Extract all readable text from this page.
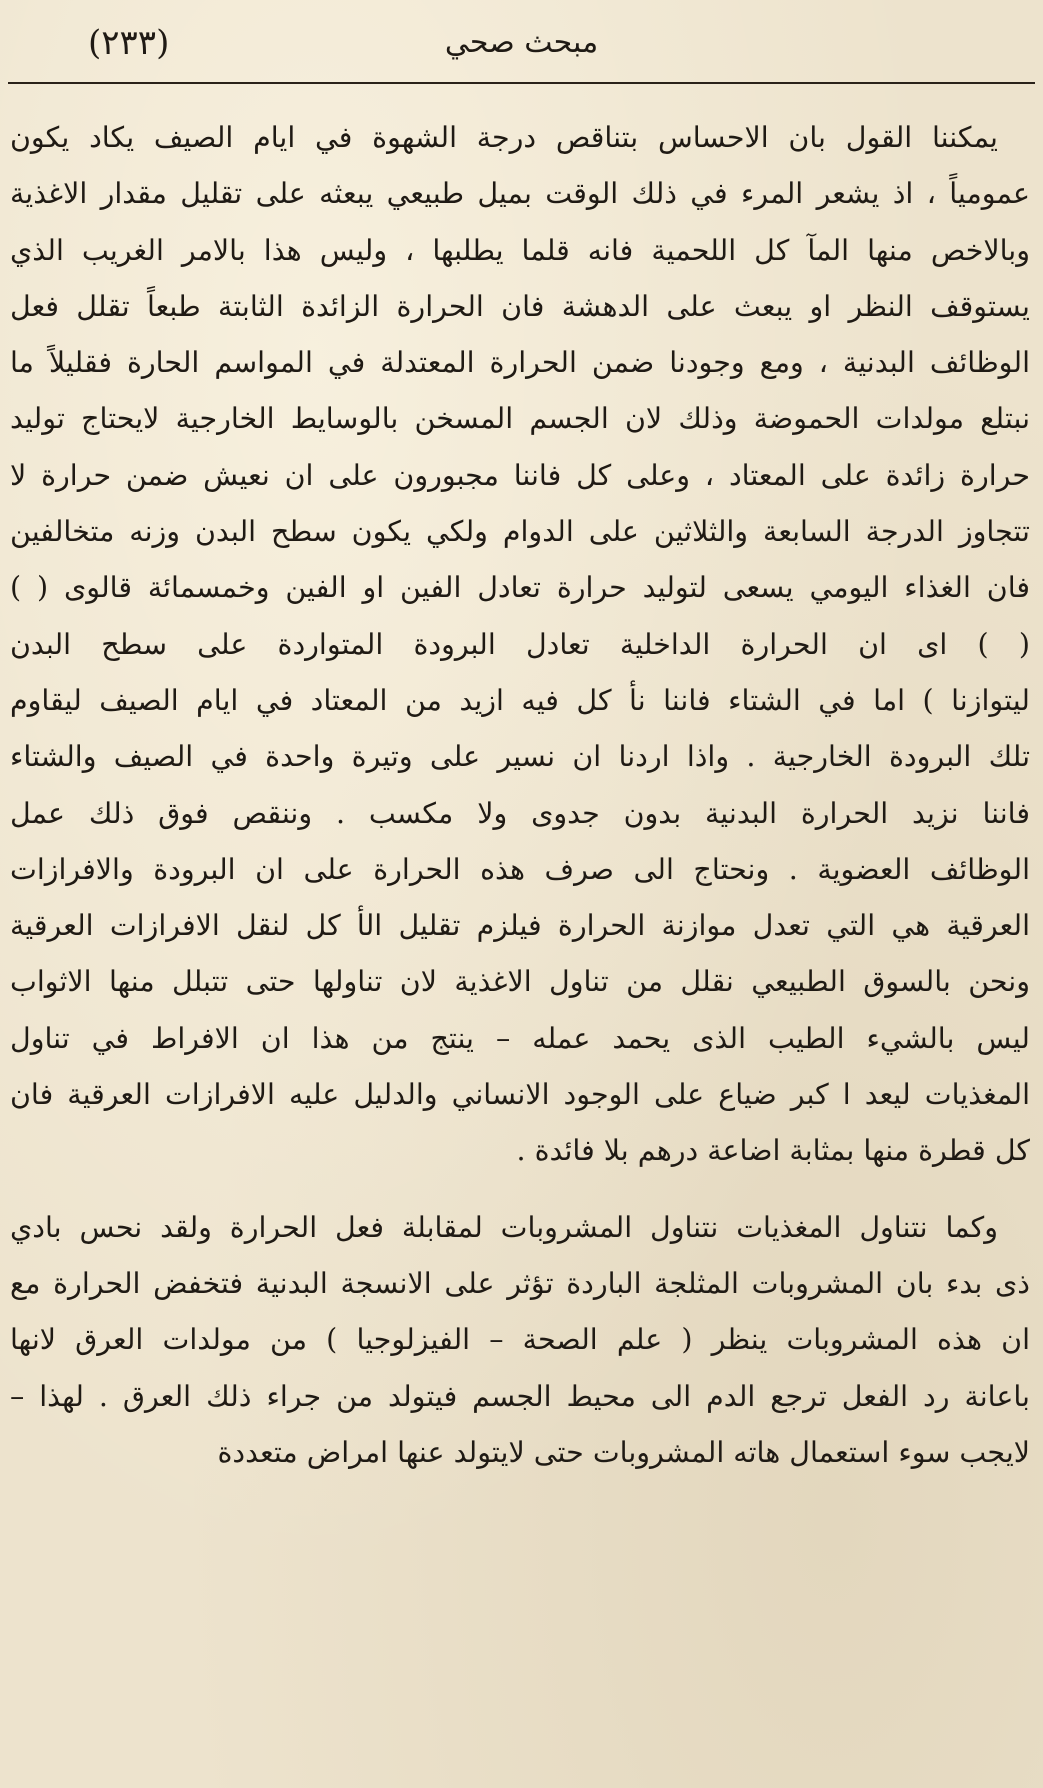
(٢٣٣)	مبحث صحي
يمكننا القول بان الاحساس بتناقص درجة الشهوة في ايام الصيف يكاد يكون
عمومياً ، اذ يشعر المرء في ذلك الوقت بميل طبيعي يبعثه على تقليل مقدار الاغذية
وبالاخص منها المآ كل اللحمية فانه قلما يطلبها ، وليس هذا بالامر الغريب الذي
يستوقف النظر او يبعث على الدهشة فان الحرارة الزائدة الثابتة طبعاً تقلل فعل
الوظائف البدنية ، ومع وجودنا ضمن الحرارة المعتدلة في المواسم الحارة فقليلاً ما
نبتلع مولدات الحموضة وذلك لان الجسم المسخن بالوسايط الخارجية لايحتاج توليد
حرارة زائدة على المعتاد ، وعلى كل فاننا مجبورون على ان نعيش ضمن حرارة لا
تتجاوز الدرجة السابعة والثلاثين على الدوام ولكي يكون سطح البدن وزنه متخالفين
فان الغذاء اليومي يسعى لتوليد حرارة تعادل الفين او الفين وخمسمائة قالوى ( )
( ) اى ان الحرارة الداخلية تعادل البرودة المتواردة على سطح البدن
ليتوازنا ) اما في الشتاء فاننا نأ كل فيه ازيد من المعتاد في ايام الصيف ليقاوم
تلك البرودة الخارجية . واذا اردنا ان نسير على وتيرة واحدة في الصيف والشتاء
فاننا نزيد الحرارة البدنية بدون جدوى ولا مكسب . وننقص فوق ذلك عمل
الوظائف العضوية . ونحتاج الى صرف هذه الحرارة على ان البرودة والافرازات
العرقية هي التي تعدل موازنة الحرارة فيلزم تقليل الأ كل لنقل الافرازات العرقية
ونحن بالسوق الطبيعي نقلل من تناول الاغذية لان تناولها حتى تتبلل منها الاثواب
ليس بالشيء الطيب الذى يحمد عمله – ينتج من هذا ان الافراط في تناول
المغذيات ليعد ا كبر ضياع على الوجود الانساني والدليل عليه الافرازات العرقية فان
كل قطرة منها بمثابة اضاعة درهم بلا فائدة .
وكما نتناول المغذيات نتناول المشروبات لمقابلة فعل الحرارة ولقد نحس بادي
ذى بدء بان المشروبات المثلجة الباردة تؤثر على الانسجة البدنية فتخفض الحرارة مع
ان هذه المشروبات ينظر ( علم الصحة – الفيزلوجيا ) من مولدات العرق لانها
باعانة رد الفعل ترجع الدم الى محيط الجسم فيتولد من جراء ذلك العرق . لهذا –
لايجب سوء استعمال هاته المشروبات حتى لايتولد عنها امراض متعددة
